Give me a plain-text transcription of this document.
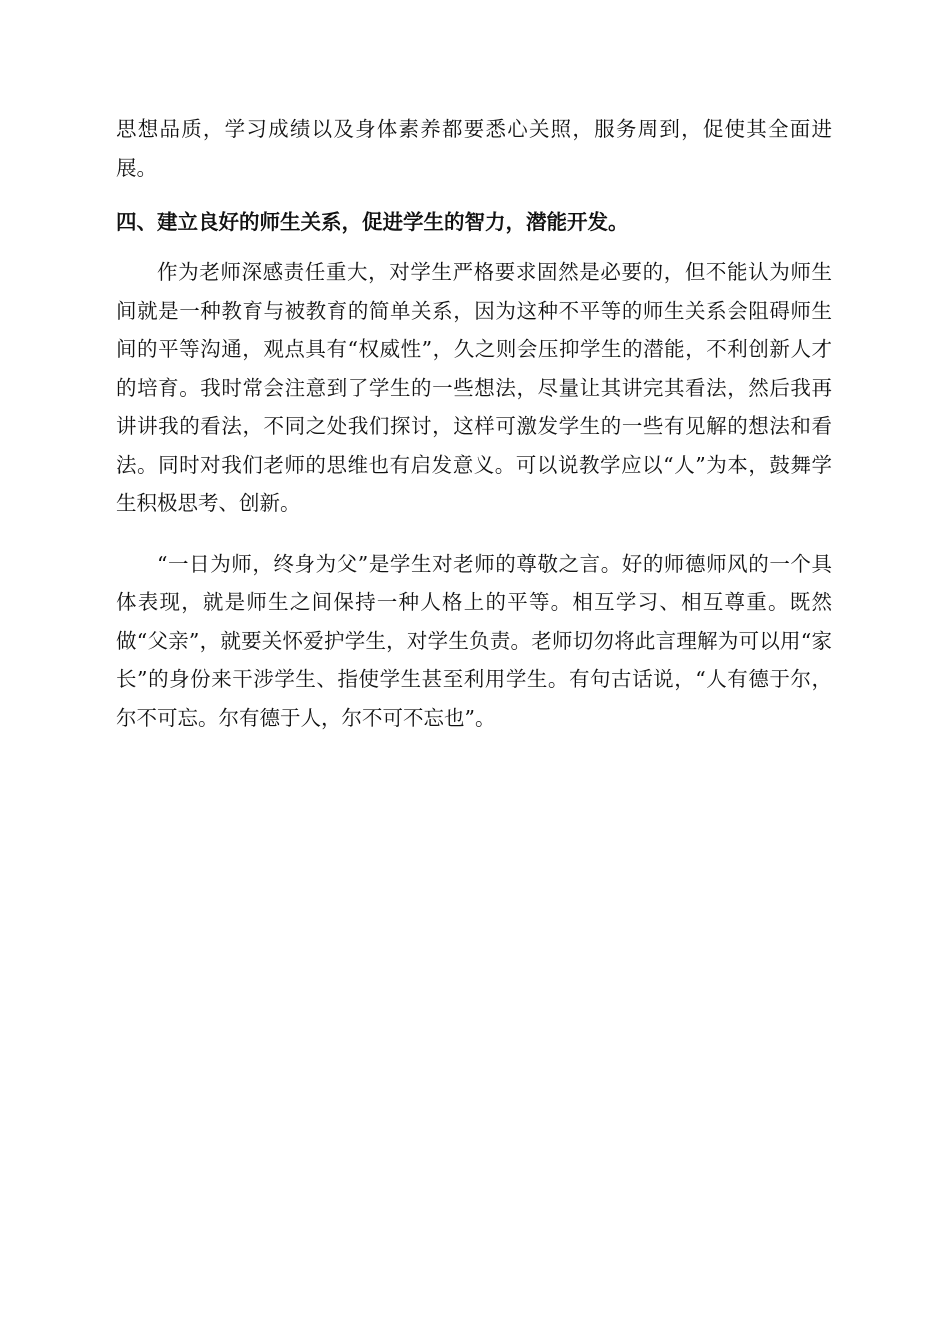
思想品质，学习成绩以及身体素养都要悉心关照，服务周到，促使其全面进展。

四、建立良好的师生关系，促进学生的智力，潜能开发。

作为老师深感责任重大，对学生严格要求固然是必要的，但不能认为师生间就是一种教育与被教育的简单关系，因为这种不平等的师生关系会阻碍师生间的平等沟通，观点具有“权威性”，久之则会压抑学生的潜能，不利创新人才的培育。我时常会注意到了学生的一些想法，尽量让其讲完其看法，然后我再讲讲我的看法，不同之处我们探讨，这样可激发学生的一些有见解的想法和看法。同时对我们老师的思维也有启发意义。可以说教学应以“人”为本，鼓舞学生积极思考、创新。

“一日为师，终身为父”是学生对老师的尊敬之言。好的师德师风的一个具体表现，就是师生之间保持一种人格上的平等。相互学习、相互尊重。既然做“父亲”，就要关怀爱护学生，对学生负责。老师切勿将此言理解为可以用“家长”的身份来干涉学生、指使学生甚至利用学生。有句古话说，“人有德于尔，尔不可忘。尔有德于人，尔不可不忘也”。
